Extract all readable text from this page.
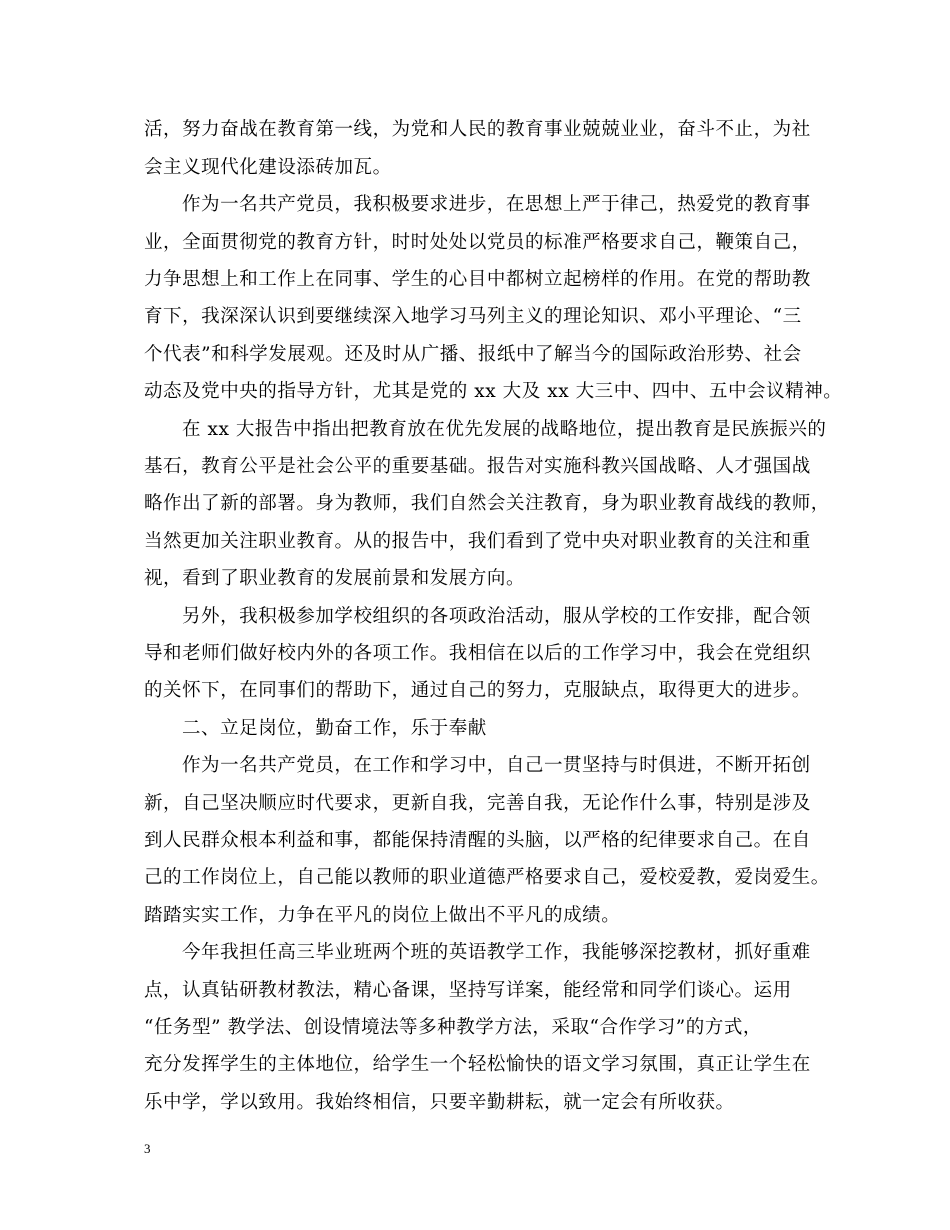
活，努力奋战在教育第一线，为党和人民的教育事业兢兢业业，奋斗不止，为社
会主义现代化建设添砖加瓦。
作为一名共产党员，我积极要求进步，在思想上严于律己，热爱党的教育事
业，全面贯彻党的教育方针，时时处处以党员的标准严格要求自己，鞭策自己，
力争思想上和工作上在同事、学生的心目中都树立起榜样的作用。在党的帮助教
育下，我深深认识到要继续深入地学习马列主义的理论知识、邓小平理论、“三
个代表”和科学发展观。还及时从广播、报纸中了解当今的国际政治形势、社会
动态及党中央的指导方针，尤其是党的 xx 大及 xx 大三中、四中、五中会议精神。
在 xx 大报告中指出把教育放在优先发展的战略地位，提出教育是民族振兴的
基石，教育公平是社会公平的重要基础。报告对实施科教兴国战略、人才强国战
略作出了新的部署。身为教师，我们自然会关注教育，身为职业教育战线的教师，
当然更加关注职业教育。从的报告中，我们看到了党中央对职业教育的关注和重
视，看到了职业教育的发展前景和发展方向。
另外，我积极参加学校组织的各项政治活动，服从学校的工作安排，配合领
导和老师们做好校内外的各项工作。我相信在以后的工作学习中，我会在党组织
的关怀下，在同事们的帮助下，通过自己的努力，克服缺点，取得更大的进步。
二、立足岗位，勤奋工作，乐于奉献
作为一名共产党员，在工作和学习中，自己一贯坚持与时俱进，不断开拓创
新，自己坚决顺应时代要求，更新自我，完善自我，无论作什么事，特别是涉及
到人民群众根本利益和事，都能保持清醒的头脑，以严格的纪律要求自己。在自
己的工作岗位上，自己能以教师的职业道德严格要求自己，爱校爱教，爱岗爱生。
踏踏实实工作，力争在平凡的岗位上做出不平凡的成绩。
今年我担任高三毕业班两个班的英语教学工作，我能够深挖教材，抓好重难
点，认真钻研教材教法，精心备课，坚持写详案，能经常和同学们谈心。运用
“任务型” 教学法、创设情境法等多种教学方法，采取“合作学习”的方式，
充分发挥学生的主体地位，给学生一个轻松愉快的语文学习氛围，真正让学生在
乐中学，学以致用。我始终相信，只要辛勤耕耘，就一定会有所收获。
3
